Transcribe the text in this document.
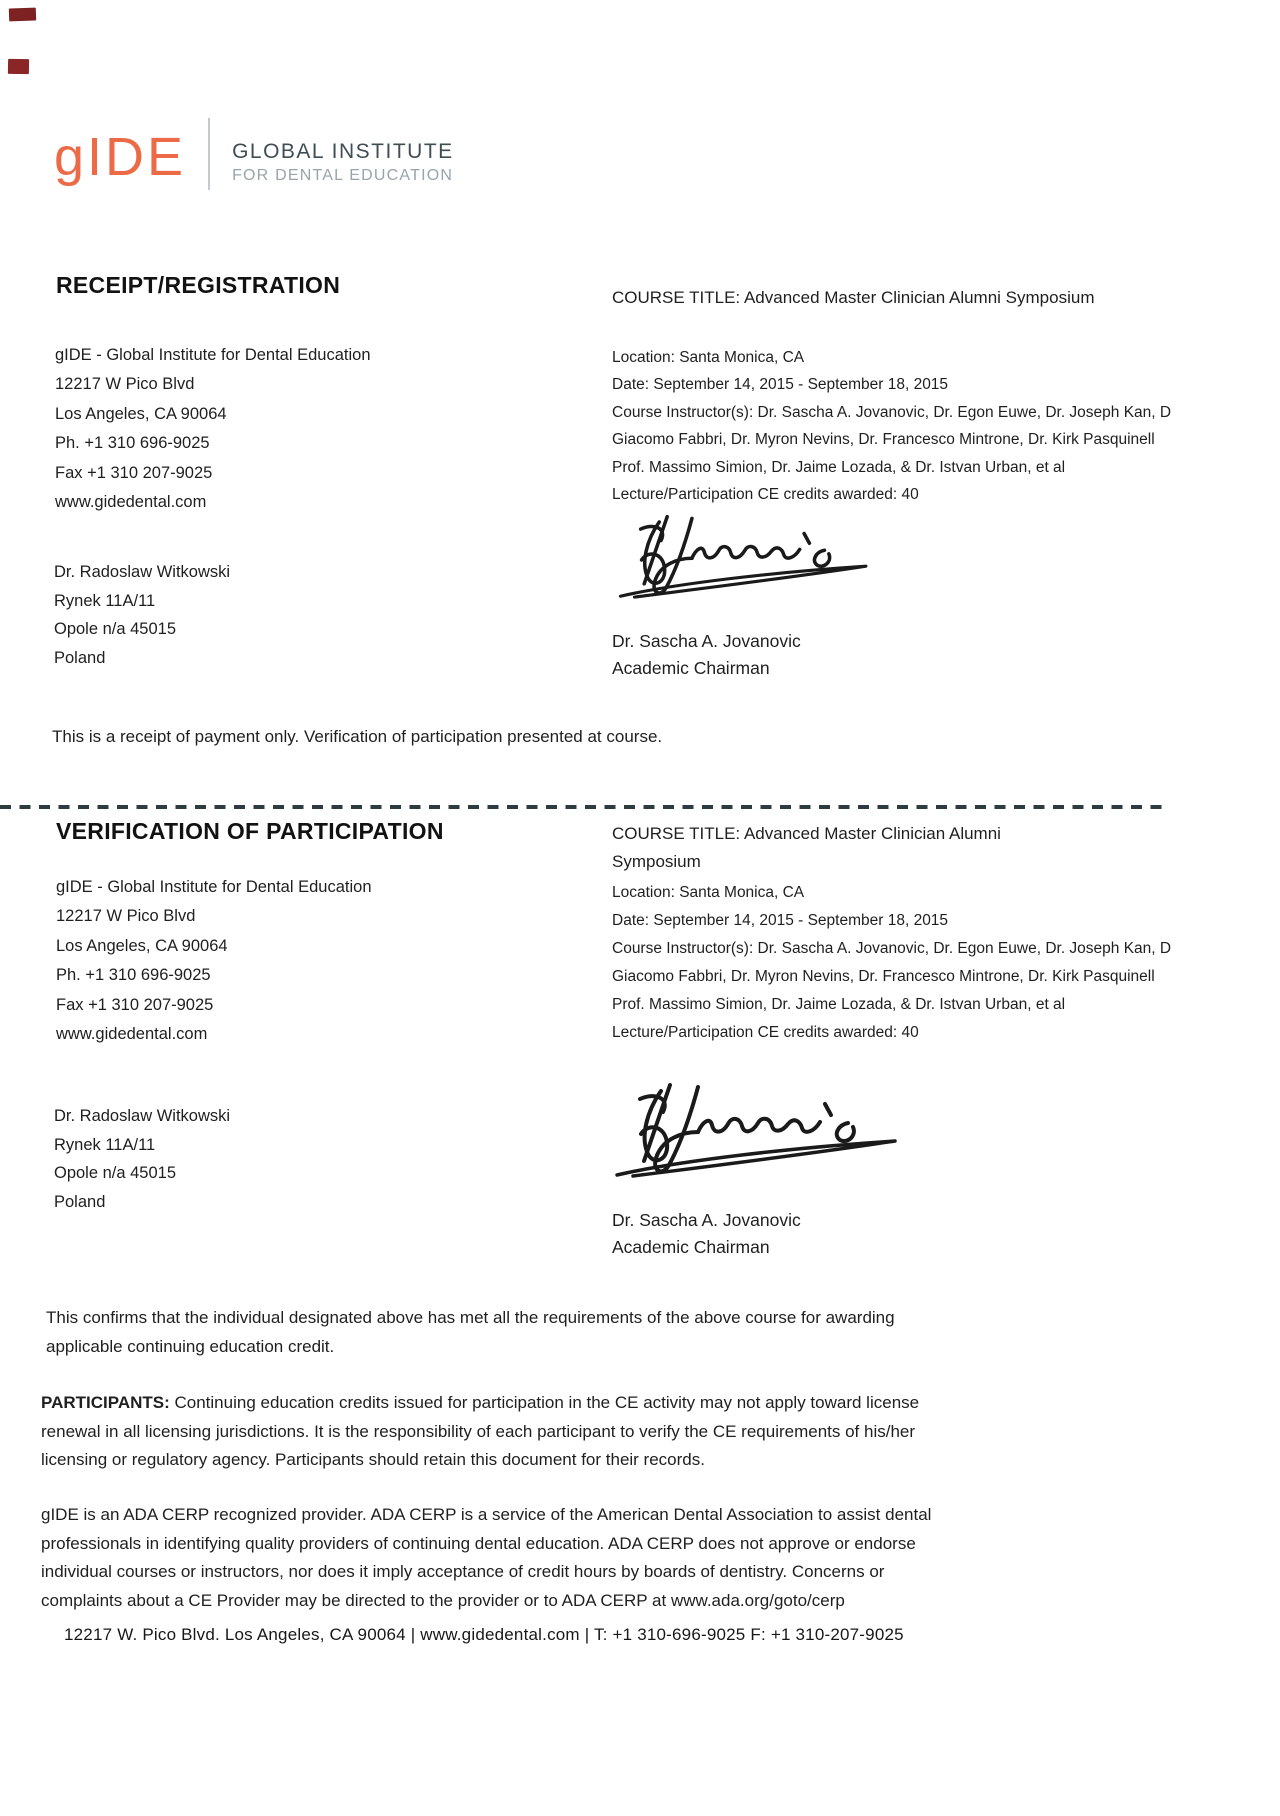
gIDE GLOBAL INSTITUTE
FOR DENTAL EDUCATION
RECEIPT/REGISTRATION	COURSE TITLE: Advanced Master Clinician Alumni Symposium
gIDE - Global Institute for Dental Education
12217 W Pico Blvd
Los Angeles, CA 90064
Ph. +1 310 696-9025
Fax +1 310 207-9025
www.gidedental.com
Location: Santa Monica, CA
Date: September 14, 2015 - September 18, 2015
Course Instructor(s): Dr. Sascha A. Jovanovic, Dr. Egon Euwe, Dr. Joseph Kan, D
Giacomo Fabbri, Dr. Myron Nevins, Dr. Francesco Mintrone, Dr. Kirk Pasquinell
Prof. Massimo Simion, Dr. Jaime Lozada, & Dr. Istvan Urban, et al
Lecture/Participation CE credits awarded: 40
Dr. Sascha A. Jovanovic
Academic Chairman
Dr. Radoslaw Witkowski
Rynek 11A/11
Opole n/a 45015
Poland
This is a receipt of payment only. Verification of participation presented at course.
VERIFICATION OF PARTICIPATION	COURSE TITLE: Advanced Master Clinician Alumni
Symposium
gIDE - Global Institute for Dental Education
12217 W Pico Blvd
Los Angeles, CA 90064
Ph. +1 310 696-9025
Fax +1 310 207-9025
www.gidedental.com
Location: Santa Monica, CA
Date: September 14, 2015 - September 18, 2015
Course Instructor(s): Dr. Sascha A. Jovanovic, Dr. Egon Euwe, Dr. Joseph Kan, D
Giacomo Fabbri, Dr. Myron Nevins, Dr. Francesco Mintrone, Dr. Kirk Pasquinell
Prof. Massimo Simion, Dr. Jaime Lozada, & Dr. Istvan Urban, et al
Lecture/Participation CE credits awarded: 40
Dr. Radoslaw Witkowski
Rynek 11A/11
Opole n/a 45015
Poland
Dr. Sascha A. Jovanovic
Academic Chairman
This confirms that the individual designated above has met all the requirements of the above course for awarding
applicable continuing education credit.
PARTICIPANTS: Continuing education credits issued for participation in the CE activity may not apply toward license
renewal in all licensing jurisdictions. It is the responsibility of each participant to verify the CE requirements of his/her
licensing or regulatory agency. Participants should retain this document for their records.
gIDE is an ADA CERP recognized provider. ADA CERP is a service of the American Dental Association to assist dental
professionals in identifying quality providers of continuing dental education. ADA CERP does not approve or endorse
individual courses or instructors, nor does it imply acceptance of credit hours by boards of dentistry. Concerns or
complaints about a CE Provider may be directed to the provider or to ADA CERP at www.ada.org/goto/cerp
12217 W. Pico Blvd. Los Angeles, CA 90064 | www.gidedental.com | T: +1 310-696-9025 F: +1 310-207-9025
